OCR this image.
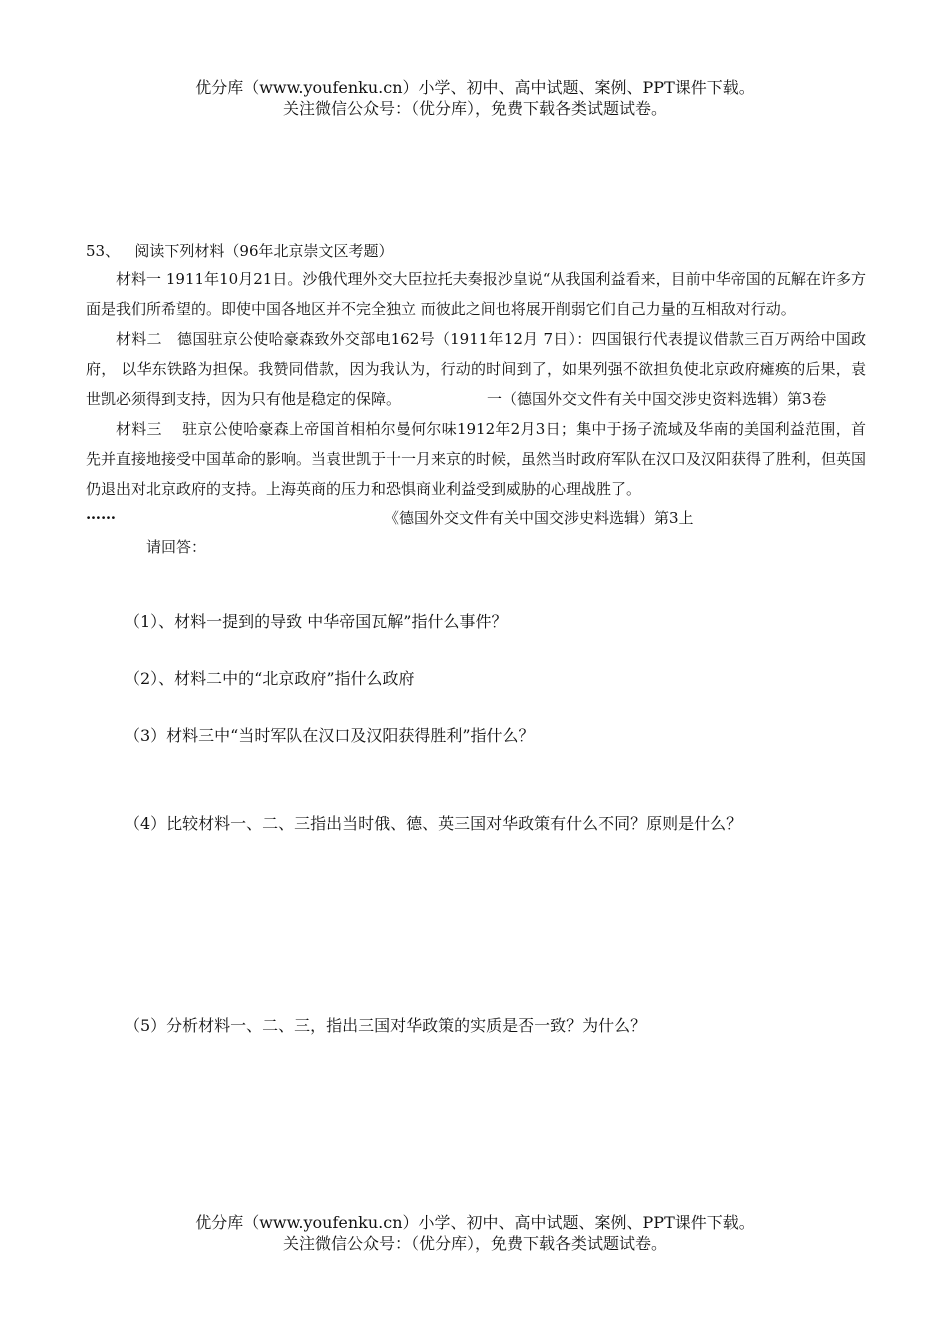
优分库（www.youfenku.cn）小学、初中、高中试题、案例、PPT课件下载。
关注微信公众号：（优分库），免费下载各类试题试卷。
53、 阅读下列材料（96年北京崇文区考题）

材料一 1911年10月21日。沙俄代理外交大臣拉托夫奏报沙皇说“从我国利益看来，目前中华帝国的瓦解在许多方面是我们所希望的。即使中国各地区并不完全独立 而彼此之间也将展开削弱它们自己力量的互相敌对行动。

材料二　德国驻京公使哈豪森致外交部电162号（1911年12月 7日）：四国银行代表提议借款三百万两给中国政府， 以华东铁路为担保。我赞同借款，因为我认为，行动的时间到了，如果列强不欲担负使北京政府瘫痪的后果，袁世凯必须得到支持，因为只有他是稳定的保障。	一（德国外交文件有关中国交涉史资料选辑）第3卷

材料三　 驻京公使哈豪森上帝国首相柏尔曼何尔味1912年2月3日；集中于扬子流域及华南的美国利益范围，首先并直接地接受中国革命的影响。当袁世凯于十一月来京的时候，虽然当时政府军队在汉口及汉阳获得了胜利，但英国仍退出对北京政府的支持。上海英商的压力和恐惧商业利益受到威胁的心理战胜了。

……	《德国外交文件有关中国交涉史料选辑）第3上
请回答：
（1）、材料一提到的导致 中华帝国瓦解”指什么事件？
（2）、材料二中的“北京政府”指什么政府
（3）材料三中“当时军队在汉口及汉阳获得胜利”指什么？
（4）比较材料一、二、三指出当时俄、德、英三国对华政策有什么不同？原则是什么？
（5）分析材料一、二、三，指出三国对华政策的实质是否一致？为什么？
优分库（www.youfenku.cn）小学、初中、高中试题、案例、PPT课件下载。
关注微信公众号：（优分库），免费下载各类试题试卷。
